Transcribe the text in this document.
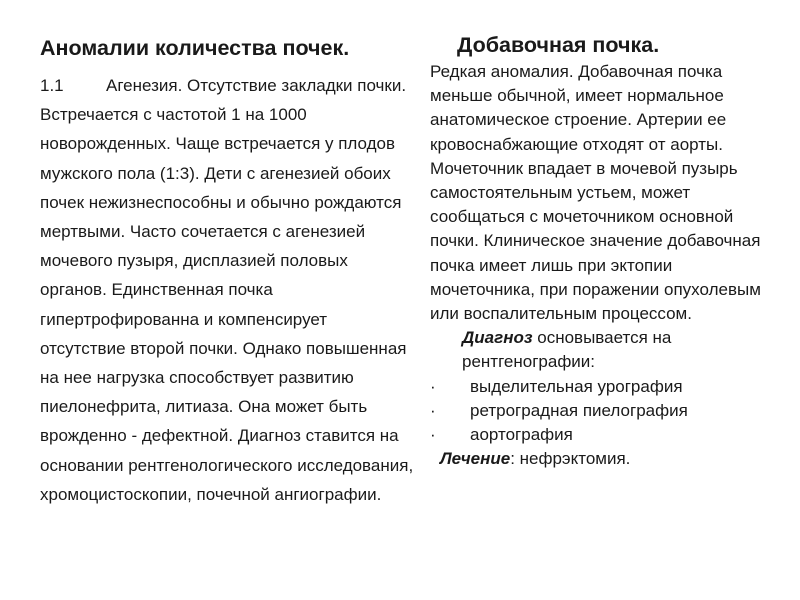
Аномалии количества почек.

1.1 Агенезия. Отсутствие закладки почки. Встречается с частотой 1 на 1000 новорожденных. Чаще встречается у плодов мужского пола (1:3). Дети с агенезией обоих почек нежизнеспособны и обычно рождаются мертвыми. Часто сочетается с агенезией мочевого пузыря, дисплазией половых органов. Единственная почка гипертрофированна и компенсирует отсутствие второй почки. Однако повышенная на нее нагрузка способствует развитию пиелонефрита, литиаза. Она может быть врожденно - дефектной. Диагноз ставится на основании рентгенологического исследования, хромоцистоскопии, почечной ангиографии.

Добавочная почка.

Редкая аномалия. Добавочная почка меньше обычной, имеет нормальное анатомическое строение. Артерии ее кровоснабжающие отходят от аорты. Мочеточник впадает в мочевой пузырь самостоятельным устьем, может сообщаться с мочеточником основной почки. Клиническое значение добавочная почка имеет лишь при эктопии мочеточника, при поражении опухолевым или воспалительным процессом.

Диагноз основывается на рентгенографии:

·	выделительная урография
·	ретроградная пиелография
·	аортография

Лечение: нефрэктомия.
